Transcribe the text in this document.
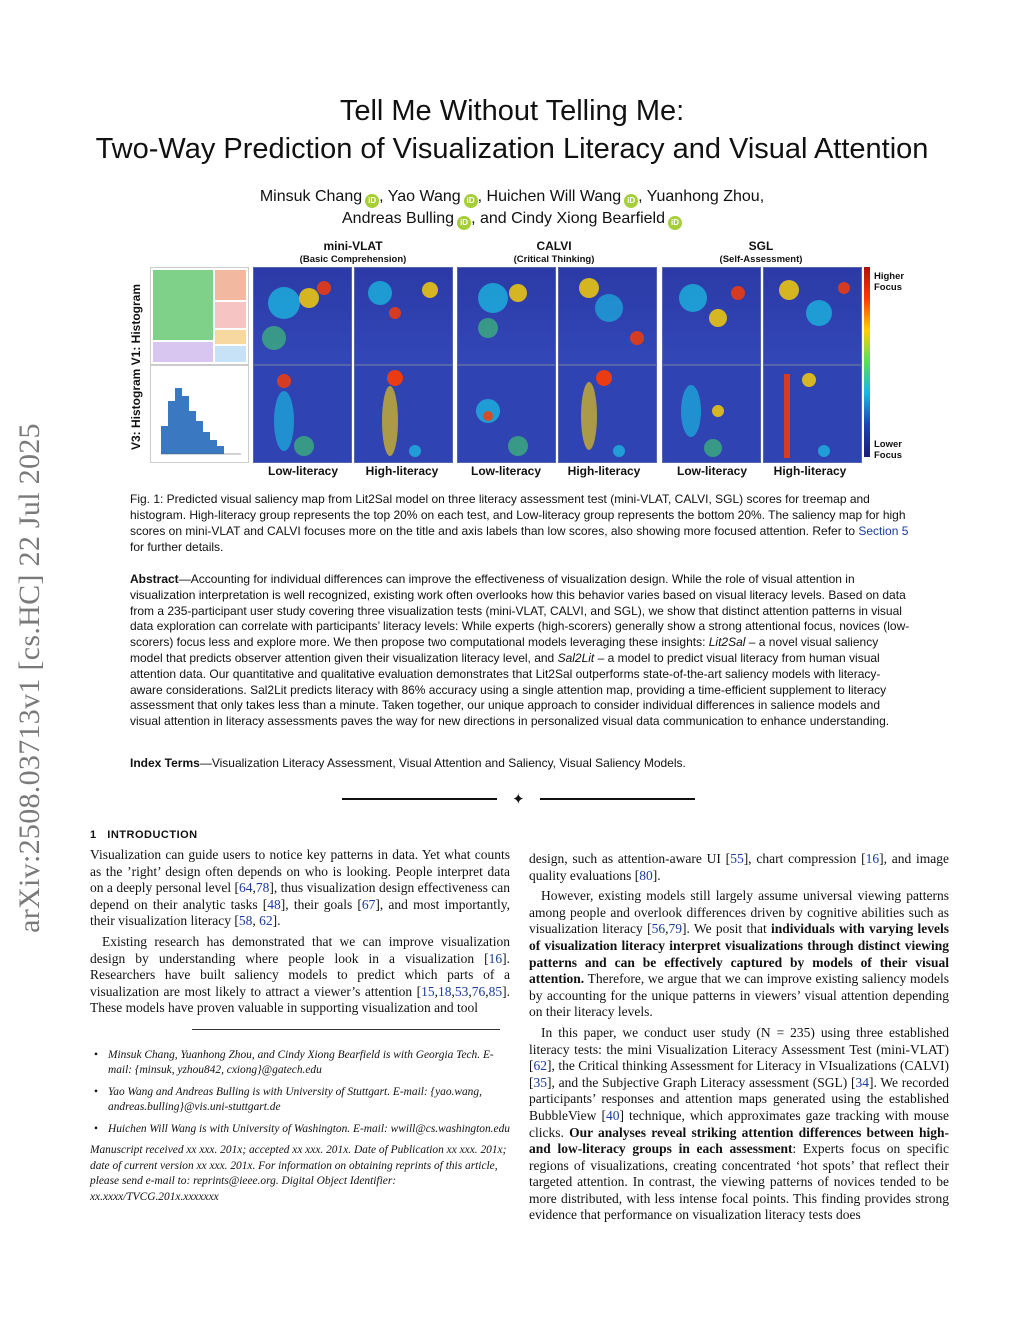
arXiv:2508.03713v1 [cs.HC] 22 Jul 2025
Tell Me Without Telling Me:
Two-Way Prediction of Visualization Literacy and Visual Attention
Minsuk Chang iD , Yao Wang iD , Huichen Will Wang iD , Yuanhong Zhou,
Andreas Bulling iD , and Cindy Xiong Bearfield iD
mini-VLAT
(Basic Comprehension)
CALVI
(Critical Thinking)
SGL
(Self-Assessment)
V3: Histogram V1: Histogram
Low-literacy	High-literacy	Low-literacy	High-literacy	Low-literacy	High-literacy
Higher Focus
Lower Focus
Fig. 1: Predicted visual saliency map from Lit2Sal model on three literacy assessment test (mini-VLAT, CALVI, SGL) scores for treemap and histogram. High-literacy group represents the top 20% on each test, and Low-literacy group represents the bottom 20%. The saliency map for high scores on mini-VLAT and CALVI focuses more on the title and axis labels than low scores, also showing more focused attention. Refer to Section 5 for further details.
Abstract—Accounting for individual differences can improve the effectiveness of visualization design. While the role of visual attention in visualization interpretation is well recognized, existing work often overlooks how this behavior varies based on visual literacy levels. Based on data from a 235-participant user study covering three visualization tests (mini-VLAT, CALVI, and SGL), we show that distinct attention patterns in visual data exploration can correlate with participants’ literacy levels: While experts (high-scorers) generally show a strong attentional focus, novices (low-scorers) focus less and explore more. We then propose two computational models leveraging these insights: Lit2Sal – a novel visual saliency model that predicts observer attention given their visualization literacy level, and Sal2Lit – a model to predict visual literacy from human visual attention data. Our quantitative and qualitative evaluation demonstrates that Lit2Sal outperforms state-of-the-art saliency models with literacy-aware considerations. Sal2Lit predicts literacy with 86% accuracy using a single attention map, providing a time-efficient supplement to literacy assessment that only takes less than a minute. Taken together, our unique approach to consider individual differences in salience models and visual attention in literacy assessments paves the way for new directions in personalized visual data communication to enhance understanding.
Index Terms—Visualization Literacy Assessment, Visual Attention and Saliency, Visual Saliency Models.
✦
1 INTRODUCTION

Visualization can guide users to notice key patterns in data. Yet what counts as the ’right’ design often depends on who is looking. People interpret data on a deeply personal level [64,78], thus visualization design effectiveness can depend on their analytic tasks [48], their goals [67], and most importantly, their visualization literacy [58, 62].

Existing research has demonstrated that we can improve visualization design by understanding where people look in a visualization [16]. Researchers have built saliency models to predict which parts of a visualization are most likely to attract a viewer’s attention [15,18,53,76,85]. These models have proven valuable in supporting visualization and tool

• Minsuk Chang, Yuanhong Zhou, and Cindy Xiong Bearfield is with Georgia Tech. E-mail: {minsuk, yzhou842, cxiong}@gatech.edu

• Yao Wang and Andreas Bulling is with University of Stuttgart. E-mail: {yao.wang, andreas.bulling}@vis.uni-stuttgart.de

• Huichen Will Wang is with University of Washington. E-mail: wwill@cs.washington.edu

Manuscript received xx xxx. 201x; accepted xx xxx. 201x. Date of Publication xx xxx. 201x; date of current version xx xxx. 201x. For information on obtaining reprints of this article, please send e-mail to: reprints@ieee.org. Digital Object Identifier: xx.xxxx/TVCG.201x.xxxxxxx

design, such as attention-aware UI [55], chart compression [16], and image quality evaluations [80].

However, existing models still largely assume universal viewing patterns among people and overlook differences driven by cognitive abilities such as visualization literacy [56,79]. We posit that individuals with varying levels of visualization literacy interpret visualizations through distinct viewing patterns and can be effectively captured by models of their visual attention. Therefore, we argue that we can improve existing saliency models by accounting for the unique patterns in viewers’ visual attention depending on their literacy levels.

In this paper, we conduct user study (N = 235) using three established literacy tests: the mini Visualization Literacy Assessment Test (mini-VLAT) [62], the Critical thinking Assessment for Literacy in VIsualizations (CALVI) [35], and the Subjective Graph Literacy assessment (SGL) [34]. We recorded participants’ responses and attention maps generated using the established BubbleView [40] technique, which approximates gaze tracking with mouse clicks. Our analyses reveal striking attention differences between high- and low-literacy groups in each assessment: Experts focus on specific regions of visualizations, creating concentrated ‘hot spots’ that reflect their targeted attention. In contrast, the viewing patterns of novices tended to be more distributed, with less intense focal points. This finding provides strong evidence that performance on visualization literacy tests does
